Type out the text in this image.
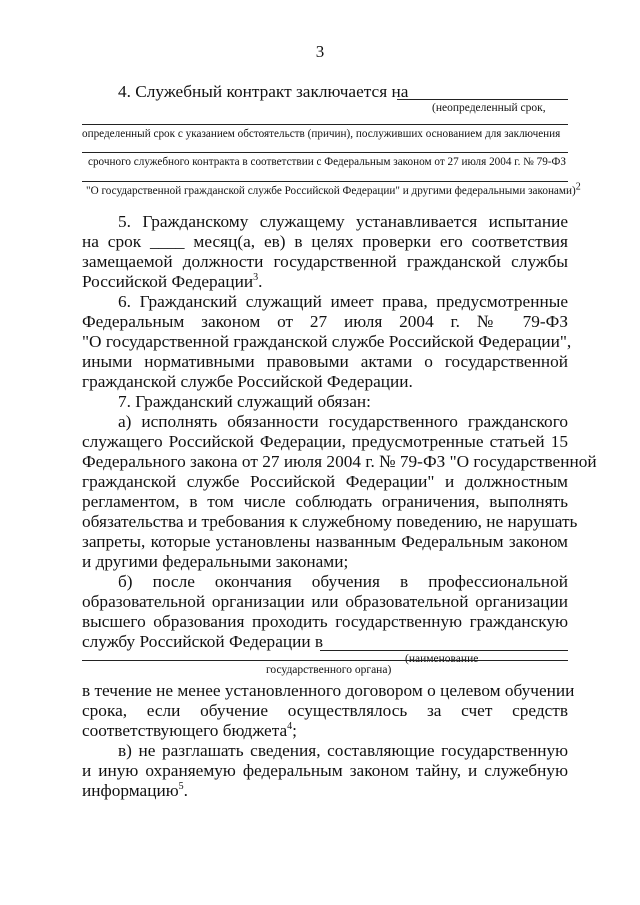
3
4. Служебный контракт заключается на
(неопределенный срок,
определенный срок с указанием обстоятельств (причин), послуживших основанием для заключения
срочного служебного контракта в соответствии с Федеральным законом от 27 июля 2004 г. № 79-ФЗ
"О государственной гражданской службе Российской Федерации" и другими федеральными законами)$^2$
5. Гражданскому служащему устанавливается испытание
на срок ____ месяц(а, ев) в целях проверки его соответствия
замещаемой должности государственной гражданской службы
Российской Федерации$^3$.
6. Гражданский служащий имеет права, предусмотренные
Федеральным законом от 27 июля 2004 г. № 79-ФЗ
"О государственной гражданской службе Российской Федерации",
иными нормативными правовыми актами о государственной
гражданской службе Российской Федерации.
7. Гражданский служащий обязан:
а) исполнять обязанности государственного гражданского
служащего Российской Федерации, предусмотренные статьей 15
Федерального закона от 27 июля 2004 г. № 79-ФЗ "О государственной
гражданской службе Российской Федерации" и должностным
регламентом, в том числе соблюдать ограничения, выполнять
обязательства и требования к служебному поведению, не нарушать
запреты, которые установлены названным Федеральным законом
и другими федеральными законами;
б) после окончания обучения в профессиональной
образовательной организации или образовательной организации
высшего образования проходить государственную гражданскую
службу Российской Федерации в
(наименование
государственного органа)
в течение не менее установленного договором о целевом обучении
срока, если обучение осуществлялось за счет средств
соответствующего бюджета$^4$;
в) не разглашать сведения, составляющие государственную
и иную охраняемую федеральным законом тайну, и служебную
информацию$^5$.
